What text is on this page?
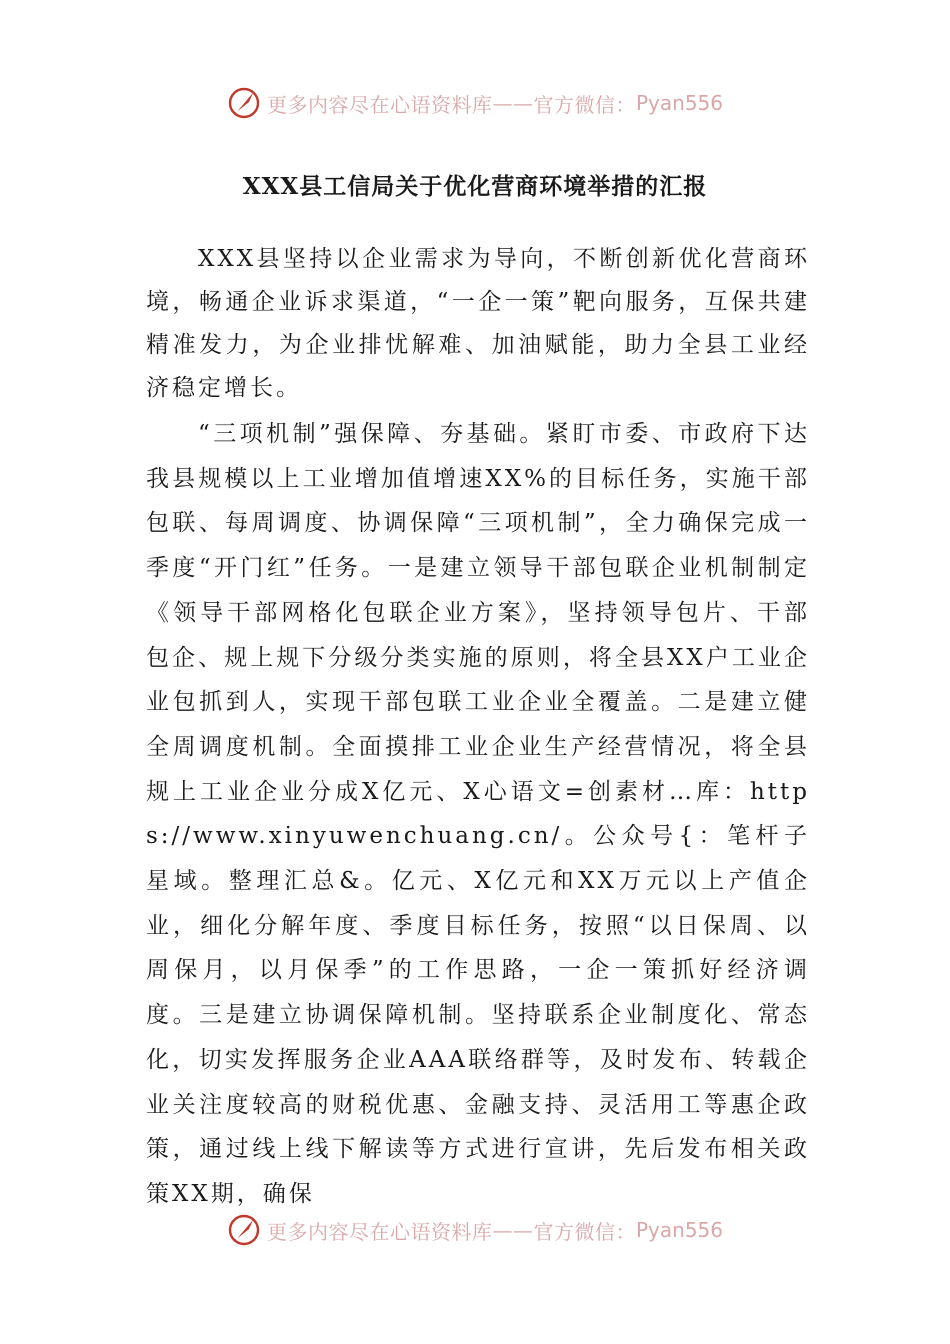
更多内容尽在心语资料库 —— 官方微信： Pyan556
XXX县工信局关于优化营商环境举措的汇报

XXX县坚持以企业需求为导向，不断创新优化营商环境，畅通企业诉求渠道，“一企一策”靶向服务，互保共建精准发力，为企业排忧解难、加油赋能，助力全县工业经济稳定增长。

“三项机制”强保障、夯基础。紧盯市委、市政府下达我县规模以上工业增加值增速XX%的目标任务，实施干部包联、每周调度、协调保障“三项机制”，全力确保完成一季度“开门红”任务。一是建立领导干部包联企业机制制定《领导干部网格化包联企业方案》，坚持领导包片、干部包企、规上规下分级分类实施的原则，将全县XX户工业企业包抓到人，实现干部包联工业企业全覆盖。二是建立健全周调度机制。全面摸排工业企业生产经营情况，将全县规上工业企业分成X亿元、X心语文=创素材…库：https://www.xinyuwenchuang.cn/。公众号{：笔杆子星域。整理汇总&。亿元、X亿元和XX万元以上产值企业，细化分解年度、季度目标任务，按照“以日保周、以周保月，以月保季”的工作思路，一企一策抓好经济调度。三是建立协调保障机制。坚持联系企业制度化、常态化，切实发挥服务企业AAA联络群等，及时发布、转载企业关注度较高的财税优惠、金融支持、灵活用工等惠企政策，通过线上线下解读等方式进行宣讲，先后发布相关政策XX期，确保

更多内容尽在心语资料库 —— 官方微信： Pyan556
